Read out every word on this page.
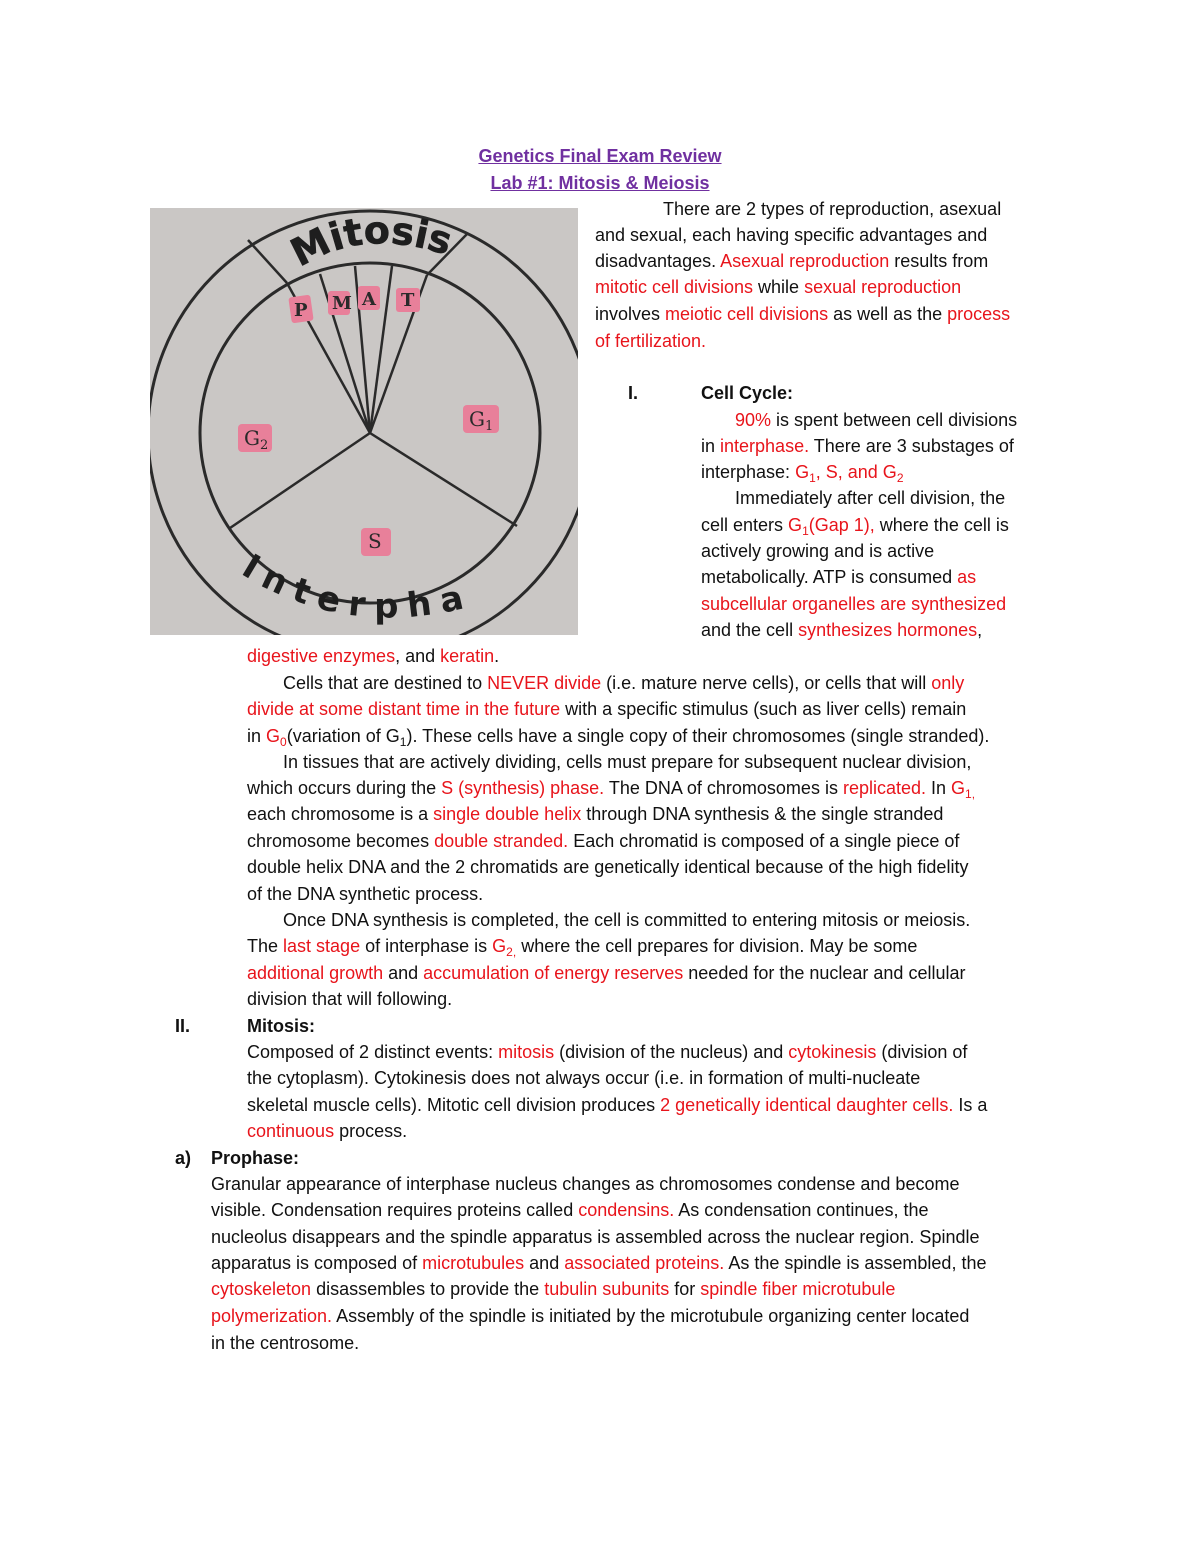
Genetics Final Exam Review
Lab #1: Mitosis & Meiosis
Mitosis
Interpha
P M A T
$G_2$
$G_1$
S
There are 2 types of reproduction, asexual
and sexual, each having specific advantages and
disadvantages. Asexual reproduction results from
mitotic cell divisions while sexual reproduction
involves meiotic cell divisions as well as the process
of fertilization.
I.	Cell Cycle:
90% is spent between cell divisions
in interphase. There are 3 substages of
interphase: $G_1$, S, and $G_2$
Immediately after cell division, the
cell enters $G_1(Gap$ 1), where the cell is
actively growing and is active
metabolically. ATP is consumed as
subcellular organelles are synthesized
and the cell synthesizes hormones,
digestive enzymes, and keratin.
Cells that are destined to NEVER divide (i.e. mature nerve cells), or cells that will only
divide at some distant time in the future with a specific stimulus (such as liver cells) remain
in $G_0(variation$ of $G_1$). These cells have a single copy of their chromosomes (single stranded).
In tissues that are actively dividing, cells must prepare for subsequent nuclear division,
which occurs during the S (synthesis) phase. The DNA of chromosomes is replicated. In $G_{1,}$
each chromosome is a single double helix through DNA synthesis & the single stranded
chromosome becomes double stranded. Each chromatid is composed of a single piece of
double helix DNA and the 2 chromatids are genetically identical because of the high fidelity
of the DNA synthetic process.
Once DNA synthesis is completed, the cell is committed to entering mitosis or meiosis.
The last stage of interphase is $G_{2,}$ where the cell prepares for division. May be some
additional growth and accumulation of energy reserves needed for the nuclear and cellular
division that will following.
II.	Mitosis:
Composed of 2 distinct events: mitosis (division of the nucleus) and cytokinesis (division of
the cytoplasm). Cytokinesis does not always occur (i.e. in formation of multi-nucleate
skeletal muscle cells). Mitotic cell division produces 2 genetically identical daughter cells. Is a
continuous process.
a) Prophase:
Granular appearance of interphase nucleus changes as chromosomes condense and become
visible. Condensation requires proteins called condensins. As condensation continues, the
nucleolus disappears and the spindle apparatus is assembled across the nuclear region. Spindle
apparatus is composed of microtubules and associated proteins. As the spindle is assembled, the
cytoskeleton disassembles to provide the tubulin subunits for spindle fiber microtubule
polymerization. Assembly of the spindle is initiated by the microtubule organizing center located
in the centrosome.
